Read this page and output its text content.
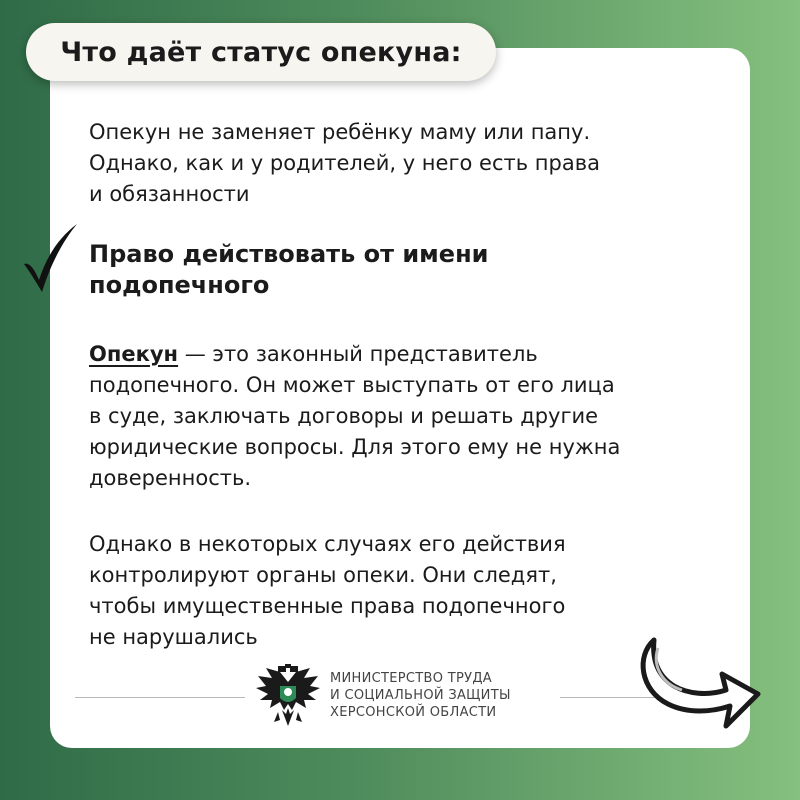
Что даёт статус опекуна:
Опекун не заменяет ребёнку маму или папу.
Однако, как и у родителей, у него есть права
и обязанности
Право действовать от имени
подопечного
Опекун — это законный представитель
подопечного. Он может выступать от его лица
в суде, заключать договоры и решать другие
юридические вопросы. Для этого ему не нужна
доверенность.
Однако в некоторых случаях его действия
контролируют органы опеки. Они следят,
чтобы имущественные права подопечного
не нарушались
МИНИСТЕРСТВО ТРУДА
И СОЦИАЛЬНОЙ ЗАЩИТЫ
ХЕРСОНСКОЙ ОБЛАСТИ
